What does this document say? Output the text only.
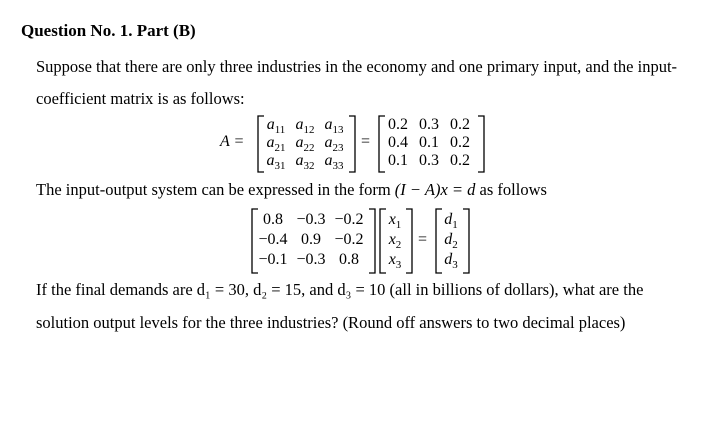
Question No. 1. Part (B)
Suppose that there are only three industries in the economy and one primary input, and the input-
coefficient matrix is as follows:
A =
$a_{11}$ $a_{12}$ $a_{13}$
$a_{21}$ $a_{22}$ $a_{23}$
$a_{31}$ $a_{32}$ $a_{33}$
=
0.2 0.3 0.2
0.4 0.1 0.2
0.1 0.3 0.2
The input-output system can be expressed in the form (I − A)x = d as follows
0.8 −0.3 −0.2
−0.4 0.9 −0.2
−0.1 −0.3 0.8
$x_1$
$x_2$
$x_3$
=
$d_1$
$d_2$
$d_3$
If the final demands are d₁ = 30, d₂ = 15, and d₃ = 10 (all in billions of dollars), what are the
solution output levels for the three industries? (Round off answers to two decimal places)
